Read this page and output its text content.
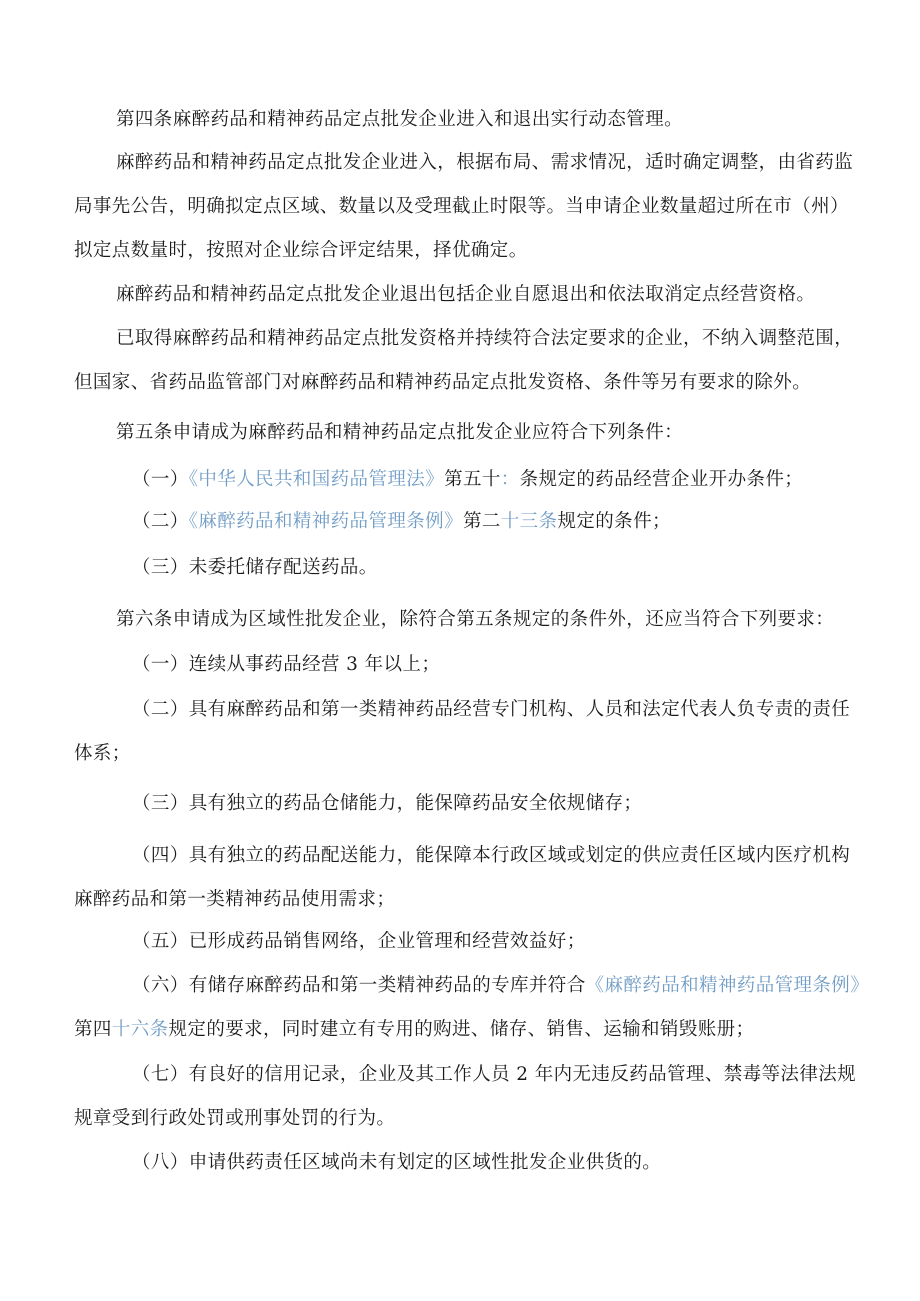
第四条麻醉药品和精神药品定点批发企业进入和退出实行动态管理。
麻醉药品和精神药品定点批发企业进入，根据布局、需求情况，适时确定调整，由省药监
局事先公告，明确拟定点区域、数量以及受理截止时限等。当申请企业数量超过所在市（州）
拟定点数量时，按照对企业综合评定结果，择优确定。
麻醉药品和精神药品定点批发企业退出包括企业自愿退出和依法取消定点经营资格。
已取得麻醉药品和精神药品定点批发资格并持续符合法定要求的企业，不纳入调整范围，
但国家、省药品监管部门对麻醉药品和精神药品定点批发资格、条件等另有要求的除外。
第五条申请成为麻醉药品和精神药品定点批发企业应符合下列条件：
（一）《中华人民共和国药品管理法》第五十：条规定的药品经营企业开办条件；
（二）《麻醉药品和精神药品管理条例》第二十三条规定的条件；
（三）未委托储存配送药品。
第六条申请成为区域性批发企业，除符合第五条规定的条件外，还应当符合下列要求：
（一）连续从事药品经营 3 年以上；
（二）具有麻醉药品和第一类精神药品经营专门机构、人员和法定代表人负专责的责任
体系；
（三）具有独立的药品仓储能力，能保障药品安全依规储存；
（四）具有独立的药品配送能力，能保障本行政区域或划定的供应责任区域内医疗机构
麻醉药品和第一类精神药品使用需求；
（五）已形成药品销售网络，企业管理和经营效益好；
（六）有储存麻醉药品和第一类精神药品的专库并符合《麻醉药品和精神药品管理条例》
第四十六条规定的要求，同时建立有专用的购进、储存、销售、运输和销毁账册；
（七）有良好的信用记录，企业及其工作人员 2 年内无违反药品管理、禁毒等法律法规
规章受到行政处罚或刑事处罚的行为。
（八）申请供药责任区域尚未有划定的区域性批发企业供货的。
